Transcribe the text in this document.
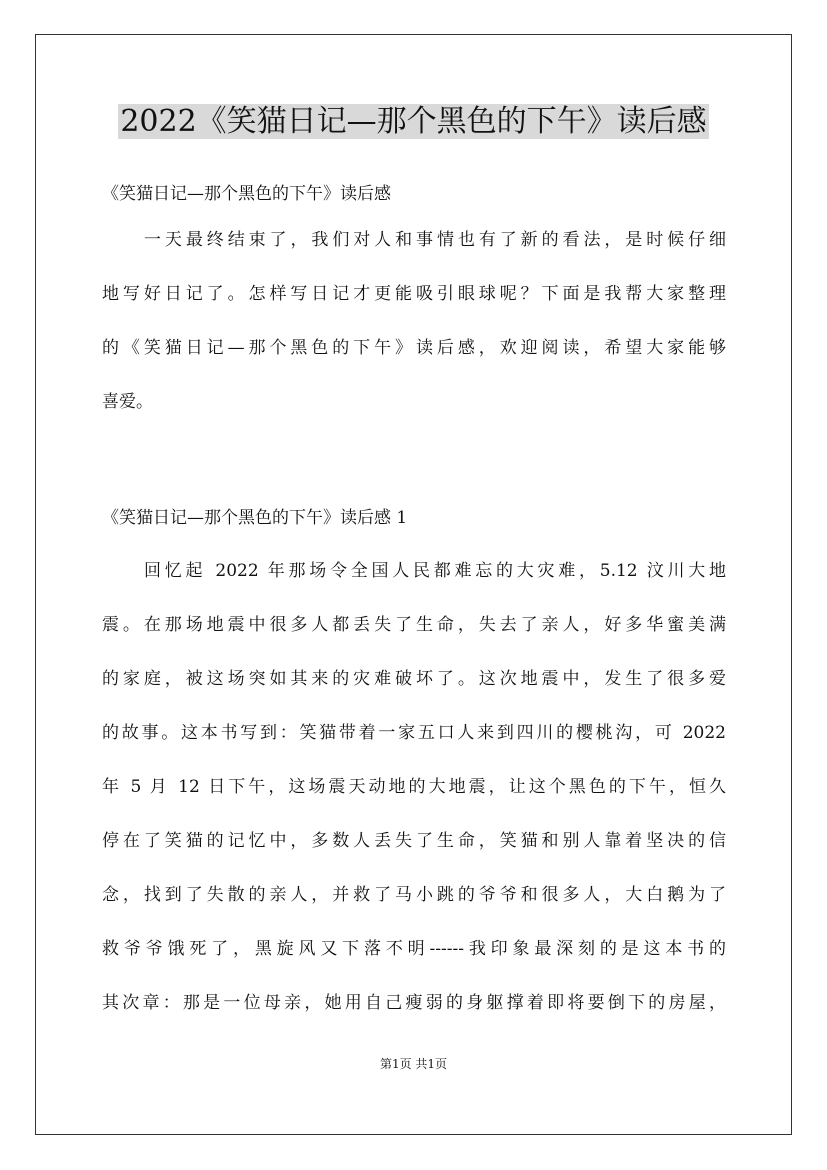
2022《笑猫日记—那个黑色的下午》读后感

《笑猫日记—那个黑色的下午》读后感

一天最终结束了，我们对人和事情也有了新的看法，是时候仔细
地写好日记了。怎样写日记才更能吸引眼球呢？下面是我帮大家整理
的《笑猫日记—那个黑色的下午》读后感，欢迎阅读，希望大家能够
喜爱。

《笑猫日记—那个黑色的下午》读后感 1

回忆起 2022 年那场令全国人民都难忘的大灾难，5.12 汶川大地
震。在那场地震中很多人都丢失了生命，失去了亲人，好多华蜜美满
的家庭，被这场突如其来的灾难破坏了。这次地震中，发生了很多爱
的故事。这本书写到：笑猫带着一家五口人来到四川的樱桃沟，可 2022
年 5 月 12 日下午，这场震天动地的大地震，让这个黑色的下午，恒久
停在了笑猫的记忆中，多数人丢失了生命，笑猫和别人靠着坚决的信
念，找到了失散的亲人，并救了马小跳的爷爷和很多人，大白鹅为了
救爷爷饿死了，黑旋风又下落不明------我印象最深刻的是这本书的
其次章：那是一位母亲，她用自己瘦弱的身躯撑着即将要倒下的房屋，
第1页 共1页
